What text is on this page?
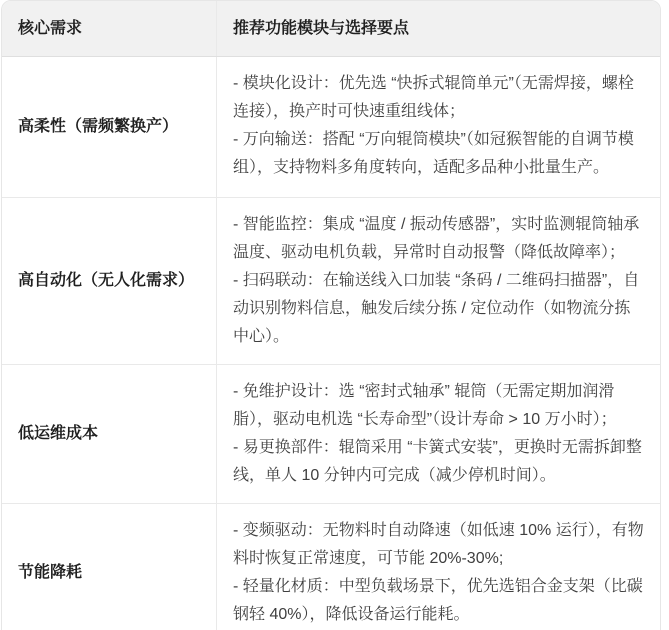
核心需求	推荐功能模块与选择要点
高柔性（需频繁换产）
- 模块化设计：优先选 “快拆式辊筒单元”（无需焊接，螺栓连接），换产时可快速重组线体；
- 万向输送：搭配 “万向辊筒模块”（如冠猴智能的自调节模组），支持物料多角度转向，适配多品种小批量生产。
高自动化（无人化需求）
- 智能监控：集成 “温度 / 振动传感器”，实时监测辊筒轴承温度、驱动电机负载，异常时自动报警（降低故障率）；
- 扫码联动：在输送线入口加装 “条码 / 二维码扫描器”，自动识别物料信息，触发后续分拣 / 定位动作（如物流分拣中心）。
低运维成本
- 免维护设计：选 “密封式轴承” 辊筒（无需定期加润滑脂），驱动电机选 “长寿命型”（设计寿命 > 10 万小时）；
- 易更换部件：辊筒采用 “卡簧式安装”，更换时无需拆卸整线，单人 10 分钟内可完成（减少停机时间）。
节能降耗
- 变频驱动：无物料时自动降速（如低速 10% 运行），有物料时恢复正常速度，可节能 20%-30%;
- 轻量化材质：中型负载场景下，优先选铝合金支架（比碳钢轻 40%），降低设备运行能耗。
